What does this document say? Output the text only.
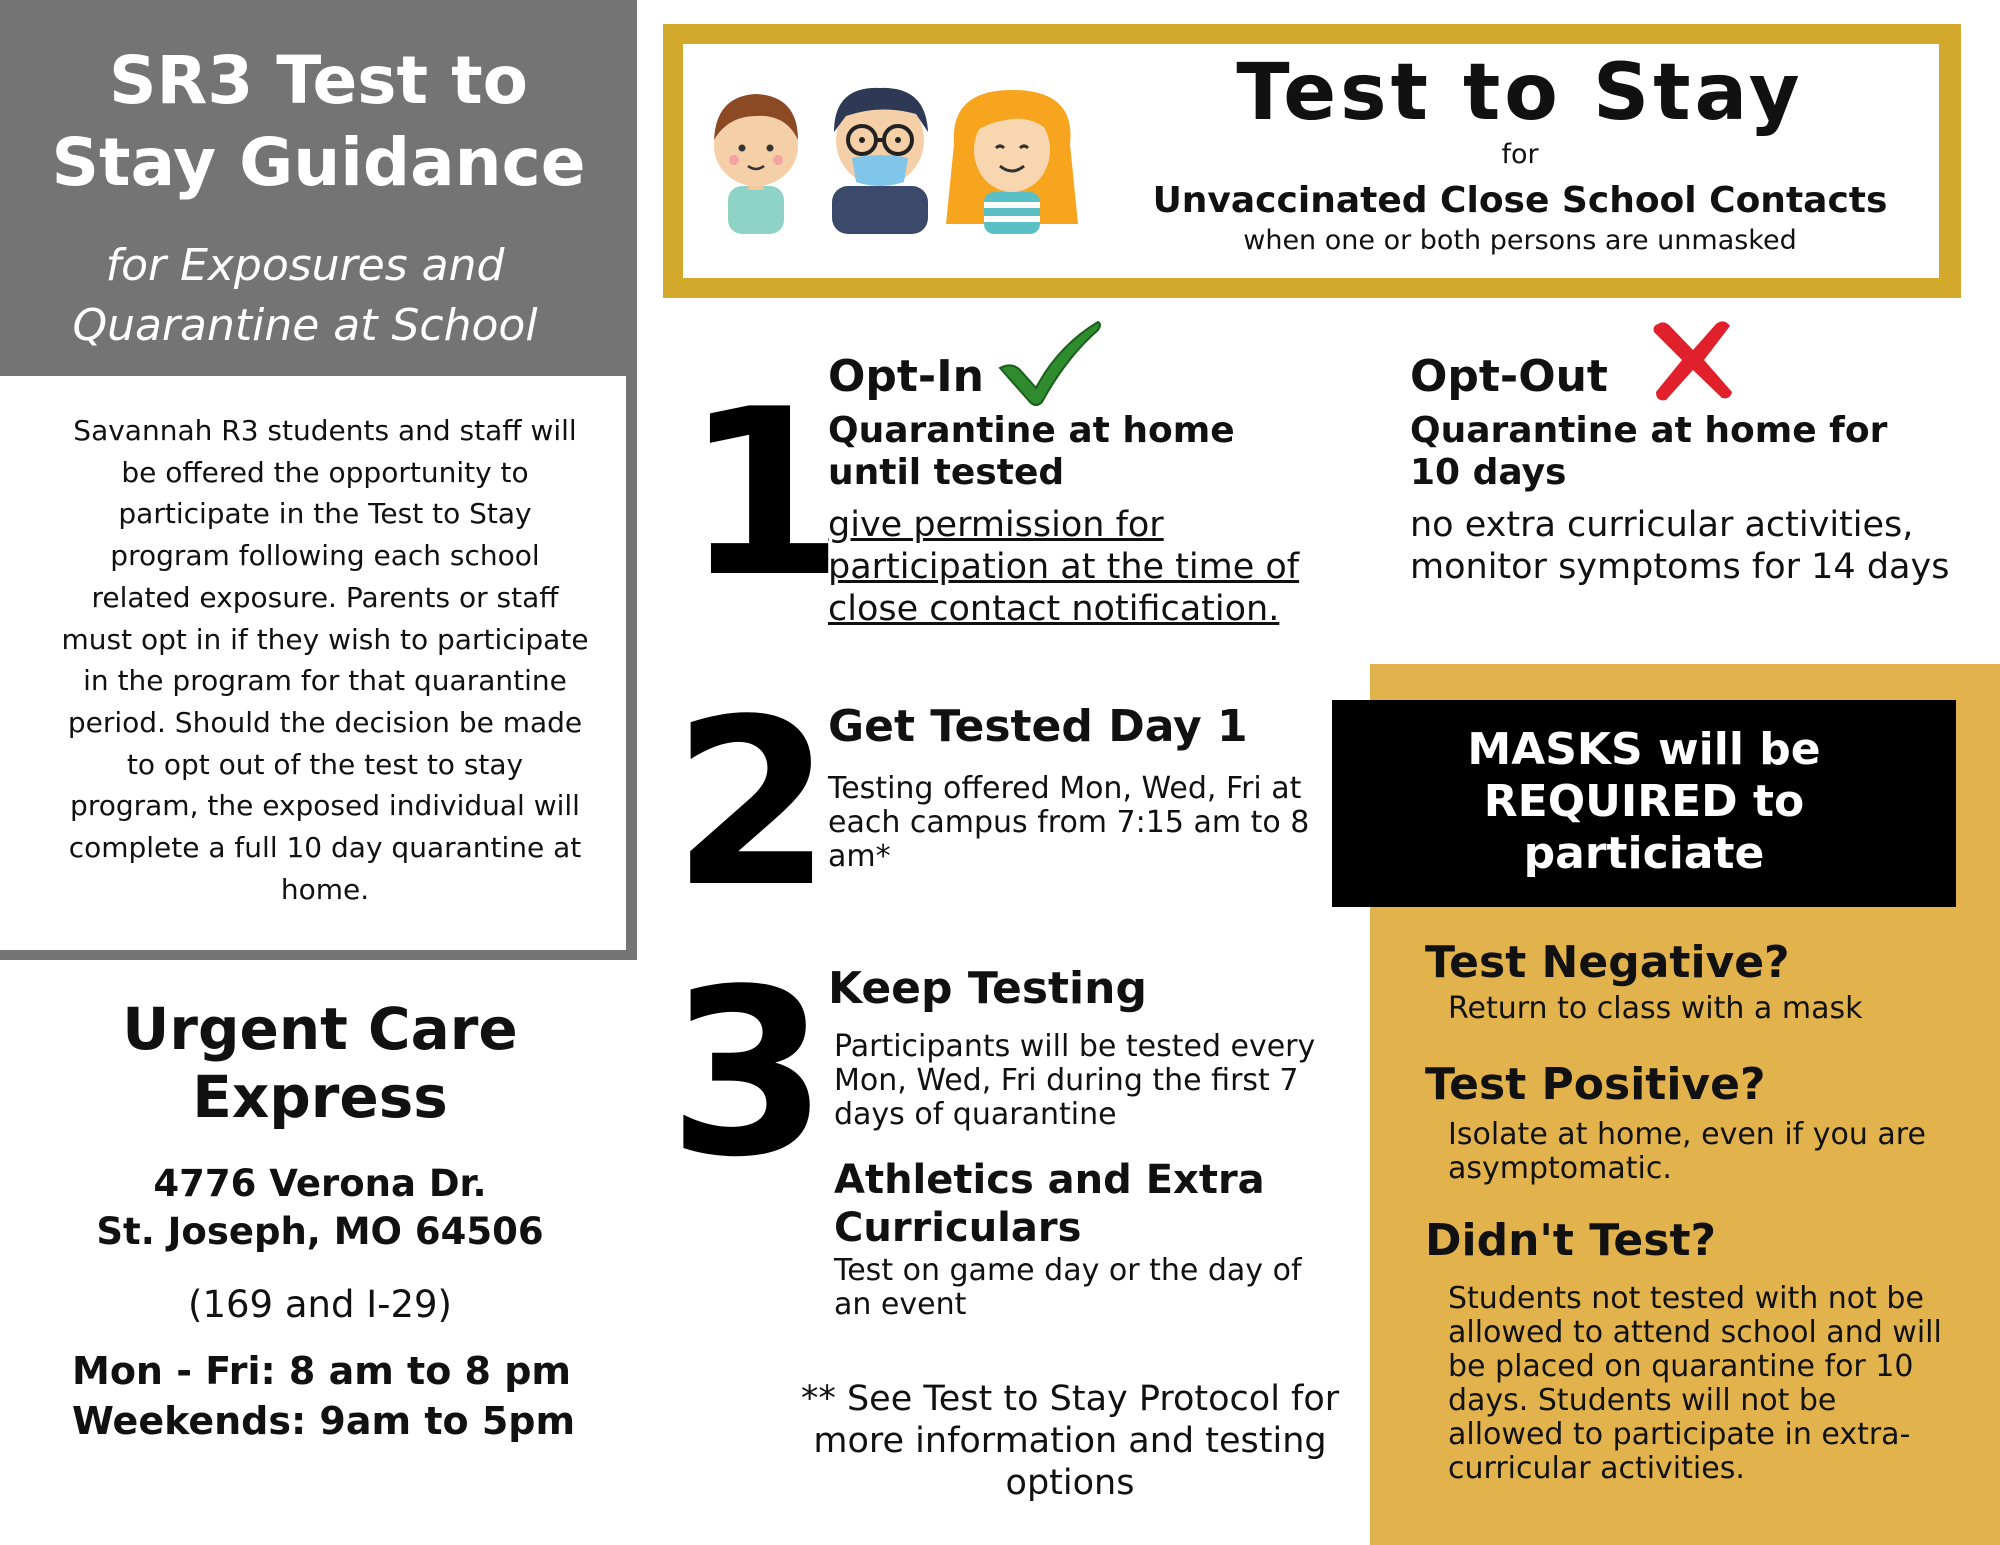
SR3 Test to
Stay Guidance
for Exposures and
Quarantine at School
Savannah R3 students and staff will be offered the opportunity to participate in the Test to Stay program following each school related exposure. Parents or staff must opt in if they wish to participate in the program for that quarantine period. Should the decision be made to opt out of the test to stay program, the exposed individual will complete a full 10 day quarantine at home.
Urgent Care
Express
4776 Verona Dr.
St. Joseph, MO 64506
(169 and I-29)
Mon - Fri: 8 am to 8 pm
Weekends: 9am to 5pm
Test to Stay
for
Unvaccinated Close School Contacts
when one or both persons are unmasked
1
2
3
Opt-In
Quarantine at home until tested
give permission for participation at the time of close contact notification.
Opt-Out
Quarantine at home for 10 days
no extra curricular activities, monitor symptoms for 14 days
Get Tested Day 1
Testing offered Mon, Wed, Fri at each campus from 7:15 am to 8 am*
Keep Testing
Participants will be tested every Mon, Wed, Fri during the first 7 days of quarantine
Athletics and Extra Curriculars
Test on game day or the day of an event
** See Test to Stay Protocol for more information and testing options
MASKS will be
REQUIRED to
particiate
Test Negative?
Return to class with a mask
Test Positive?
Isolate at home, even if you are asymptomatic.
Didn't Test?
Students not tested with not be allowed to attend school and will be placed on quarantine for 10 days. Students will not be allowed to participate in extra-curricular activities.
